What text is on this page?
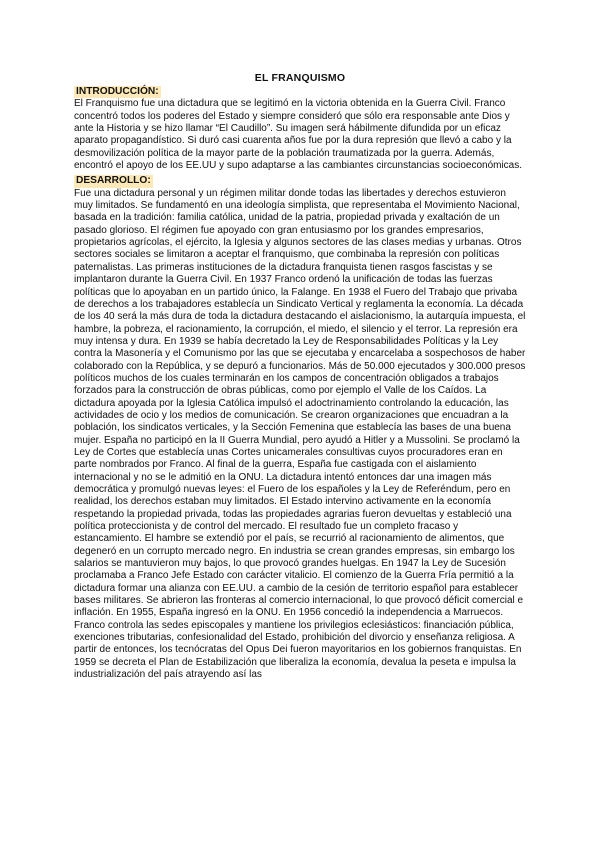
EL FRANQUISMO
INTRODUCCIÓN:

El Franquismo fue una dictadura que se legitimó en la victoria obtenida en la Guerra Civil. Franco concentró todos los poderes del Estado y siempre consideró que sólo era responsable ante Dios y ante la Historia y se hizo llamar “El Caudillo”. Su imagen será hábilmente difundida por un eficaz aparato propagandístico. Si duró casi cuarenta años fue por la dura represión que llevó a cabo y la desmovilización política de la mayor parte de la población traumatizada por la guerra. Además, encontró el apoyo de los EE.UU y supo adaptarse a las cambiantes circunstancias socioeconómicas.

DESARROLLO:

Fue una dictadura personal y un régimen militar donde todas las libertades y derechos estuvieron muy limitados. Se fundamentó en una ideología simplista, que representaba el Movimiento Nacional, basada en la tradición: familia católica, unidad de la patria, propiedad privada y exaltación de un pasado glorioso. El régimen fue apoyado con gran entusiasmo por los grandes empresarios, propietarios agrícolas, el ejército, la Iglesia y algunos sectores de las clases medias y urbanas. Otros sectores sociales se limitaron a aceptar el franquismo, que combinaba la represión con políticas paternalistas. Las primeras instituciones de la dictadura franquista tienen rasgos fascistas y se implantaron durante la Guerra Civil. En 1937 Franco ordenó la unificación de todas las fuerzas políticas que lo apoyaban en un partido único, la Falange. En 1938 el Fuero del Trabajo que privaba de derechos a los trabajadores establecía un Sindicato Vertical y reglamenta la economía. La década de los 40 será la más dura de toda la dictadura destacando el aislacionismo, la autarquía impuesta, el hambre, la pobreza, el racionamiento, la corrupción, el miedo, el silencio y el terror. La represión era muy intensa y dura. En 1939 se había decretado la Ley de Responsabilidades Políticas y la Ley contra la Masonería y el Comunismo por las que se ejecutaba y encarcelaba a sospechosos de haber colaborado con la República, y se depuró a funcionarios. Más de 50.000 ejecutados y 300.000 presos políticos muchos de los cuales terminarán en los campos de concentración obligados a trabajos forzados para la construcción de obras públicas, como por ejemplo el Valle de los Caídos. La dictadura apoyada por la Iglesia Católica impulsó el adoctrinamiento controlando la educación, las actividades de ocio y los medios de comunicación. Se crearon organizaciones que encuadran a la población, los sindicatos verticales, y la Sección Femenina que establecía las bases de una buena mujer. España no participó en la II Guerra Mundial, pero ayudó a Hitler y a Mussolini. Se proclamó la Ley de Cortes que establecía unas Cortes unicamerales consultivas cuyos procuradores eran en parte nombrados por Franco. Al final de la guerra, España fue castigada con el aislamiento internacional y no se le admitió en la ONU. La dictadura intentó entonces dar una imagen más democrática y promulgó nuevas leyes: el Fuero de los españoles y la Ley de Referéndum, pero en realidad, los derechos estaban muy limitados. El Estado intervino activamente en la economía respetando la propiedad privada, todas las propiedades agrarias fueron devueltas y estableció una política proteccionista y de control del mercado. El resultado fue un completo fracaso y estancamiento. El hambre se extendió por el país, se recurrió al racionamiento de alimentos, que degeneró en un corrupto mercado negro. En industria se crean grandes empresas, sin embargo los salarios se mantuvieron muy bajos, lo que provocó grandes huelgas. En 1947 la Ley de Sucesión proclamaba a Franco Jefe Estado con carácter vitalicio. El comienzo de la Guerra Fría permitió a la dictadura formar una alianza con EE.UU. a cambio de la cesión de territorio español para establecer bases militares. Se abrieron las fronteras al comercio internacional, lo que provocó déficit comercial e inflación. En 1955, España ingresó en la ONU. En 1956 concedió la independencia a Marruecos. Franco controla las sedes episcopales y mantiene los privilegios eclesiásticos: financiación pública, exenciones tributarias, confesionalidad del Estado, prohibición del divorcio y enseñanza religiosa. A partir de entonces, los tecnócratas del Opus Dei fueron mayoritarios en los gobiernos franquistas. En 1959 se decreta el Plan de Estabilización que liberaliza la economía, devalua la peseta e impulsa la industrialización del país atrayendo así las
